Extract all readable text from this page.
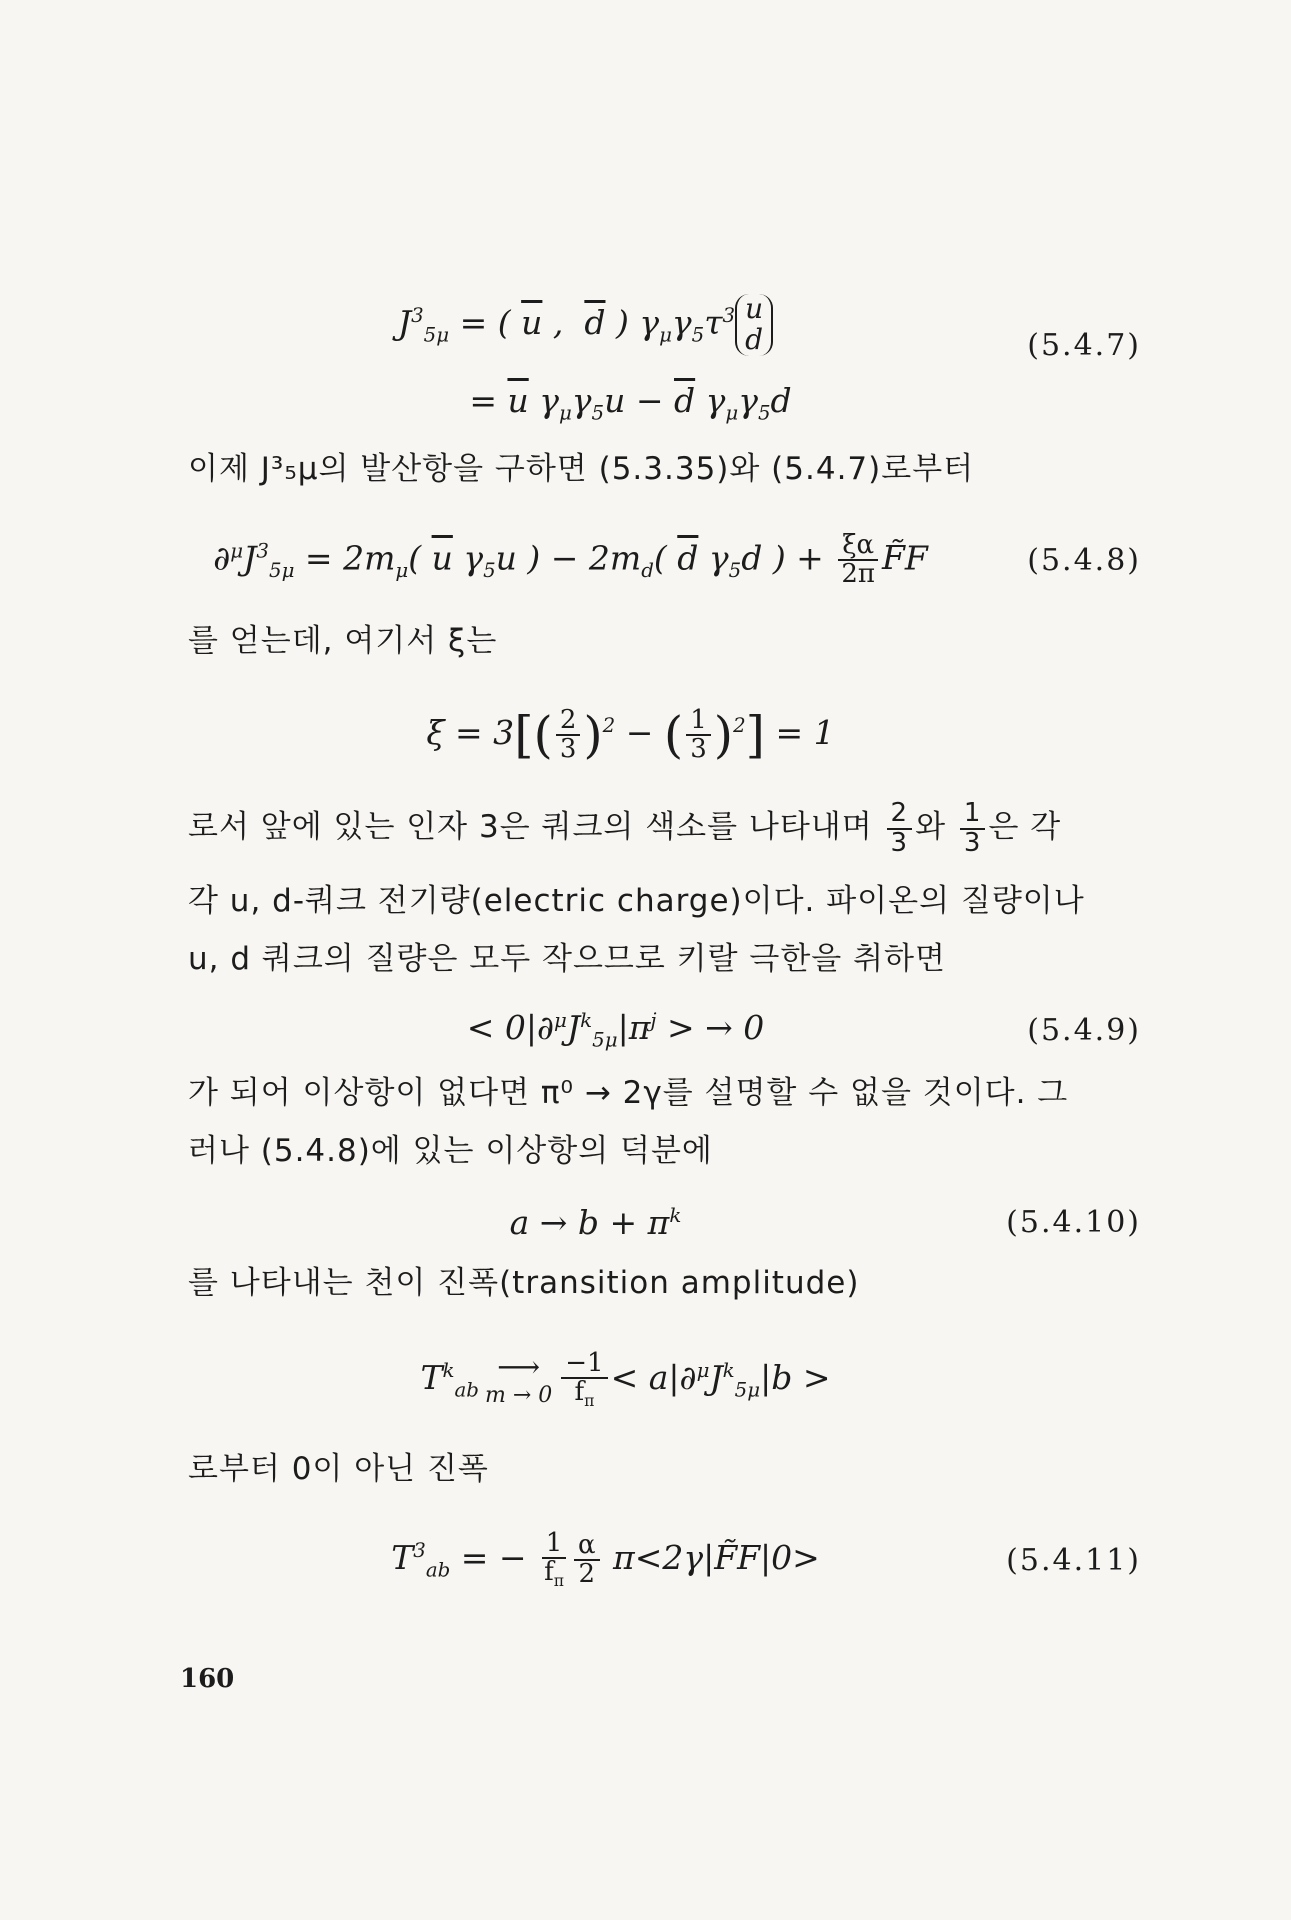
$J^3_{5\mu}$ = ( $\overline{u}$ ,  $\overline{d}$ ) $\gamma_\mu\gamma_5\tau^3$ u
d	(5.4.7)
= $\overline{u}$ $\gamma_\mu\gamma_5u - \overline{d}$ $\gamma_\mu\gamma_5d$
이제 J³₅μ의 발산항을 구하면 (5.3.35)와 (5.4.7)로부터
$\partial^\mu J^3_{5\mu} = 2m_\mu$( $\overline{u}$ $\gamma_5u$ ) − $2m_d$( $\overline{d}$ $\gamma_5d$ ) + $\frac{\xi\alpha}{2\pi}$ F̃F	(5.4.8)
를 얻는데, 여기서 ξ는
$\xi = 3[( \frac{2}{3} )^2$ − ( $\frac{1}{3} )^2] = 1$
로서 앞에 있는 인자 3은 쿼크의 색소를 나타내며 $\frac{2}{3}$ 와 $\frac{1}{3}$ 은 각
각 u, d-쿼크 전기량(electric charge)이다. 파이온의 질량이나
u, d 쿼크의 질량은 모두 작으므로 키랄 극한을 취하면
< $0|\partial^\mu J^k_{5\mu}|\pi^j$ > → 0	(5.4.9)
가 되어 이상항이 없다면 π⁰ → 2γ를 설명할 수 없을 것이다. 그
러나 (5.4.8)에 있는 이상항의 덕분에
$a \to b + \pi^k$	(5.4.10)
를 나타내는 천이 진폭(transition amplitude)
$T^k_{ab}$
⟶
$m \to 0 \frac{-1}{f_\pi} < a|\partial^\mu J^k_{5\mu}|b$ >
로부터 0이 아닌 진폭
$T^3_{ab}$ = − $\frac{1}{f_\pi} \frac{\alpha}{2}$ π<2γ|F̃F|0>	(5.4.11)
160
